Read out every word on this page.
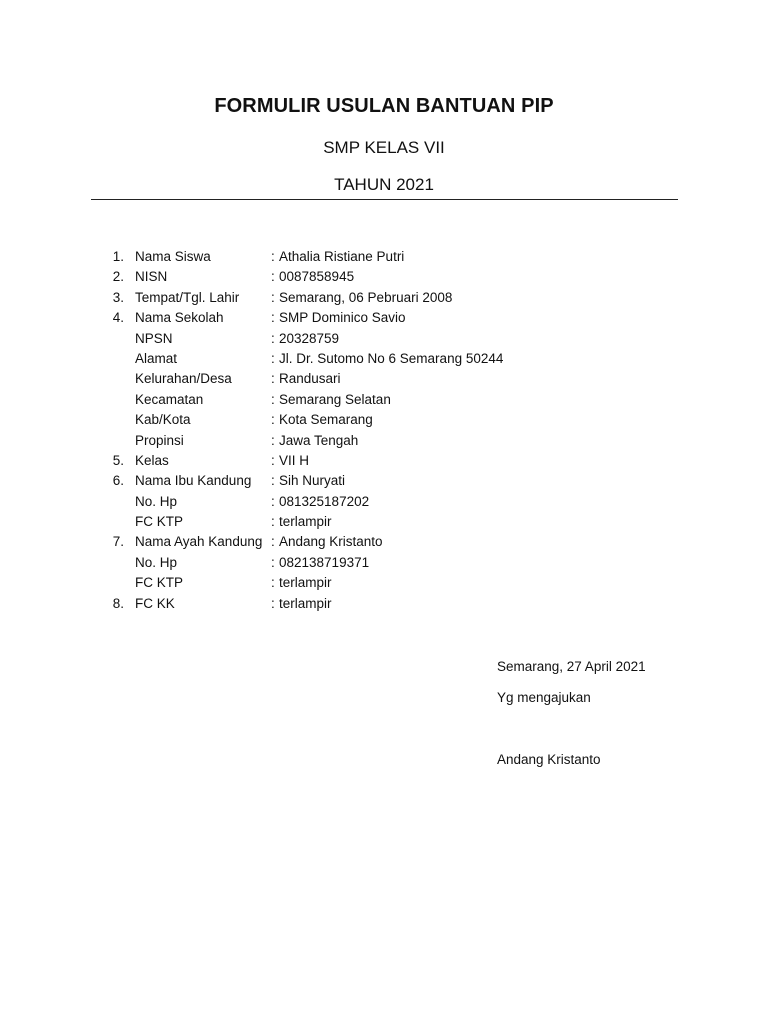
FORMULIR USULAN BANTUAN PIP
SMP KELAS VII
TAHUN 2021
1. Nama Siswa	: Athalia Ristiane Putri
2. NISN	: 0087858945
3. Tempat/Tgl. Lahir : Semarang, 06 Pebruari 2008
4. Nama Sekolah	: SMP Dominico Savio
NPSN	: 20328759
Alamat	: Jl. Dr. Sutomo No 6 Semarang 50244
Kelurahan/Desa	: Randusari
Kecamatan	: Semarang Selatan
Kab/Kota	: Kota Semarang
Propinsi	: Jawa Tengah
5. Kelas	: VII H
6. Nama Ibu Kandung : Sih Nuryati
No. Hp	: 081325187202
FC KTP	: terlampir
7. Nama Ayah Kandung : Andang Kristanto
No. Hp	: 082138719371
FC KTP	: terlampir
8. FC KK	: terlampir
Semarang, 27 April 2021
Yg mengajukan
Andang Kristanto
